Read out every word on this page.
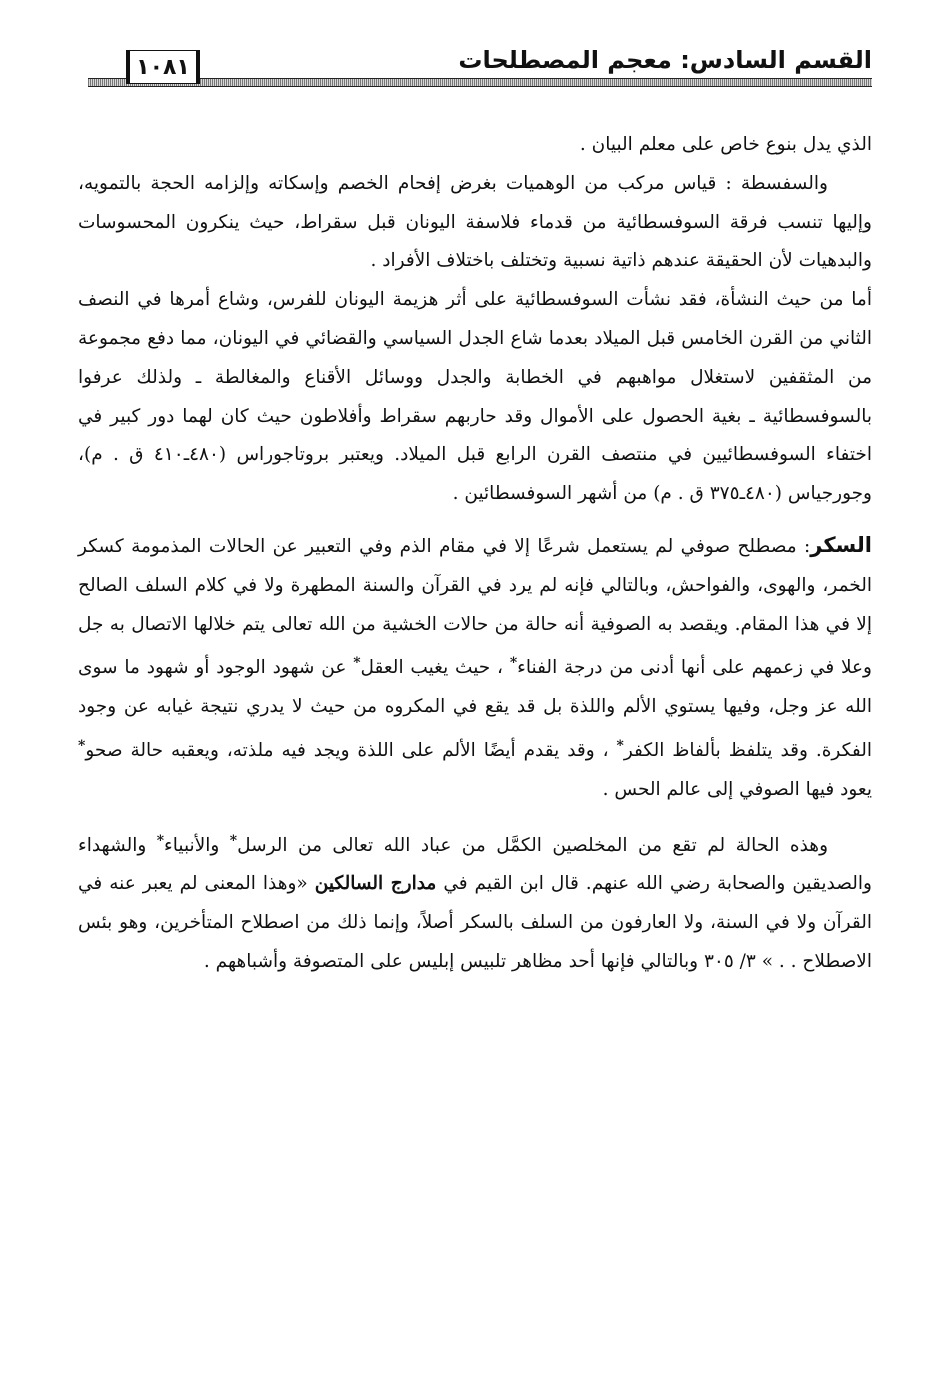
القسم السادس: معجم المصطلحات
١٠٨١

الذي يدل بنوع خاص على معلم البيان .

والسفسطة : قياس مركب من الوهميات بغرض إفحام الخصم وإسكاته وإلزامه الحجة بالتمويه، وإليها تنسب فرقة السوفسطائية من قدماء فلاسفة اليونان قبل سقراط، حيث ينكرون المحسوسات والبدهيات لأن الحقيقة عندهم ذاتية نسبية وتختلف باختلاف الأفراد .

أما من حيث النشأة، فقد نشأت السوفسطائية على أثر هزيمة اليونان للفرس، وشاع أمرها في النصف الثاني من القرن الخامس قبل الميلاد بعدما شاع الجدل السياسي والقضائي في اليونان، مما دفع مجموعة من المثقفين لاستغلال مواهبهم في الخطابة والجدل ووسائل الأقناع والمغالطة ـ ولذلك عرفوا بالسوفسطائية ـ بغية الحصول على الأموال وقد حاربهم سقراط وأفلاطون حيث كان لهما دور كبير في اختفاء السوفسطائيين في منتصف القرن الرابع قبل الميلاد. ويعتبر بروتاجوراس (٤٨٠ـ٤١٠ ق . م)، وجورجياس (٤٨٠ـ٣٧٥ ق . م) من أشهر السوفسطائين .

السكر: مصطلح صوفي لم يستعمل شرعًا إلا في مقام الذم وفي التعبير عن الحالات المذمومة كسكر الخمر، والهوى، والفواحش، وبالتالي فإنه لم يرد في القرآن والسنة المطهرة ولا في كلام السلف الصالح إلا في هذا المقام. ويقصد به الصوفية أنه حالة من حالات الخشية من الله تعالى يتم خلالها الاتصال به جل وعلا في زعمهم على أنها أدنى من درجة الفناء* ، حيث يغيب العقل* عن شهود الوجود أو شهود ما سوى الله عز وجل، وفيها يستوي الألم واللذة بل قد يقع في المكروه من حيث لا يدري نتيجة غيابه عن وجود الفكرة. وقد يتلفظ بألفاظ الكفر* ، وقد يقدم أيضًا الألم على اللذة ويجد فيه ملذته، ويعقبه حالة صحو* يعود فيها الصوفي إلى عالم الحس .

وهذه الحالة لم تقع من المخلصين الكمَّل من عباد الله تعالى من الرسل* والأنبياء* والشهداء والصديقين والصحابة رضي الله عنهم. قال ابن القيم في مدارج السالكين «وهذا المعنى لم يعبر عنه في القرآن ولا في السنة، ولا العارفون من السلف بالسكر أصلاً، وإنما ذلك من اصطلاح المتأخرين، وهو بئس الاصطلاح . . » ٣/ ٣٠٥ وبالتالي فإنها أحد مظاهر تلبيس إبليس على المتصوفة وأشباههم .
